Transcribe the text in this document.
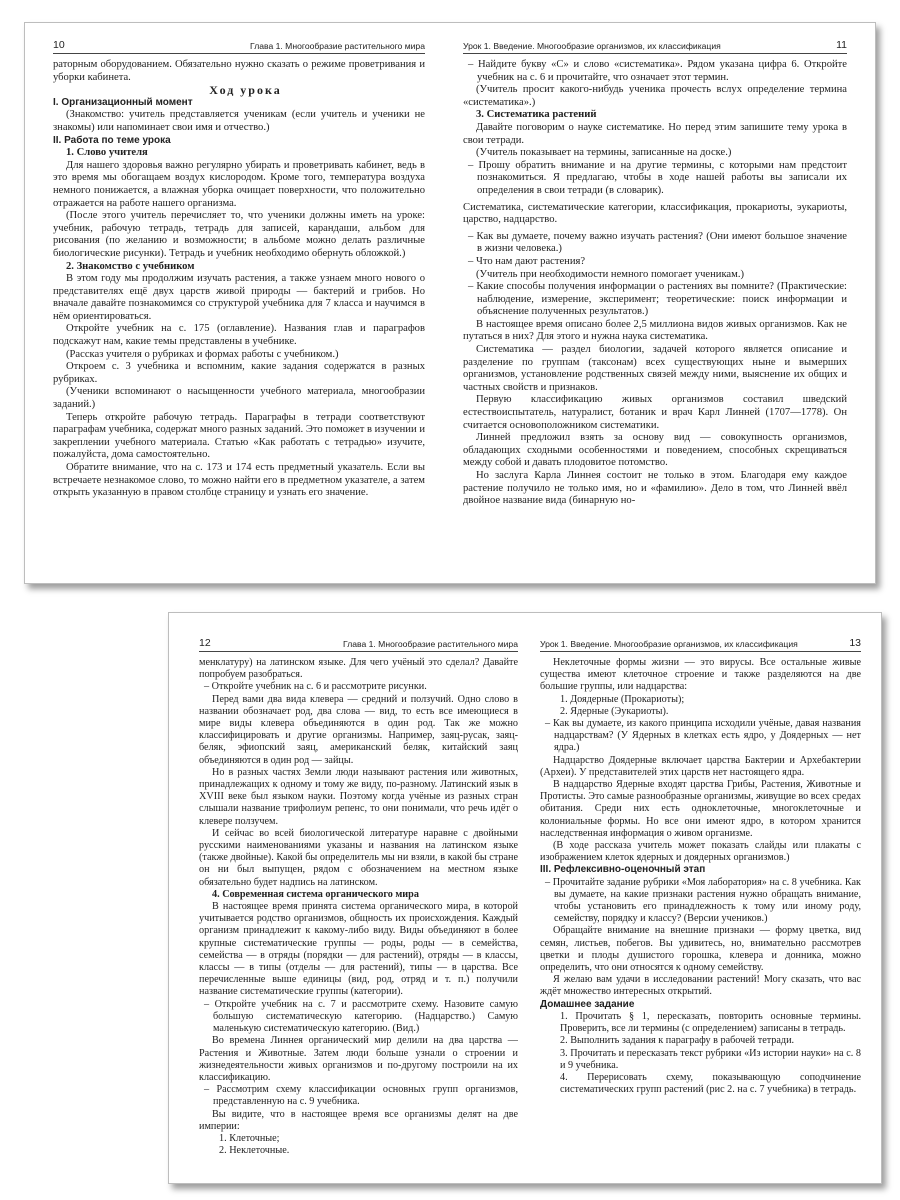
10	Глава 1. Многообразие растительного мира

раторным оборудованием. Обязательно нужно сказать о режиме проветривания и уборки кабинета.

Ход урока

I. Организационный момент

(Знакомство: учитель представляется ученикам (если учитель и ученики не знакомы) или напоминает свои имя и отчество.)

II. Работа по теме урока

1. Слово учителя

Для нашего здоровья важно регулярно убирать и проветривать кабинет, ведь в это время мы обогащаем воздух кислородом. Кроме того, температура воздуха немного понижается, а влажная уборка очищает поверхности, что положительно отражается на работе нашего организма.

(После этого учитель перечисляет то, что ученики должны иметь на уроке: учебник, рабочую тетрадь, тетрадь для записей, карандаши, альбом для рисования (по желанию и возможности; в альбоме можно делать различные биологические рисунки). Тетрадь и учебник необходимо обернуть обложкой.)

2. Знакомство с учебником

В этом году мы продолжим изучать растения, а также узнаем много нового о представителях ещё двух царств живой природы — бактерий и грибов. Но вначале давайте познакомимся со структурой учебника для 7 класса и научимся в нём ориентироваться.

Откройте учебник на с. 175 (оглавление). Названия глав и параграфов подскажут нам, какие темы представлены в учебнике.

(Рассказ учителя о рубриках и формах работы с учебником.)

Откроем с. 3 учебника и вспомним, какие задания содержатся в разных рубриках.

(Ученики вспоминают о насыщенности учебного материала, многообразии заданий.)

Теперь откройте рабочую тетрадь. Параграфы в тетради соответствуют параграфам учебника, содержат много разных заданий. Это поможет в изучении и закреплении учебного материала. Статью «Как работать с тетрадью» изучите, пожалуйста, дома самостоятельно.

Обратите внимание, что на с. 173 и 174 есть предметный указатель. Если вы встречаете незнакомое слово, то можно найти его в предметном указателе, а затем открыть указанную в правом столбце страницу и узнать его значение.

Урок 1. Введение. Многообразие организмов, их классификация	11

– Найдите букву «С» и слово «систематика». Рядом указана цифра 6. Откройте учебник на с. 6 и прочитайте, что означает этот термин.

(Учитель просит какого-нибудь ученика прочесть вслух определение термина «систематика».)

3. Систематика растений

Давайте поговорим о науке систематике. Но перед этим запишите тему урока в свои тетради.

(Учитель показывает на термины, записанные на доске.)

– Прошу обратить внимание и на другие термины, с которыми нам предстоит познакомиться. Я предлагаю, чтобы в ходе нашей работы вы записали их определения в свои тетради (в словарик).

Систематика, систематические категории, классификация, прокариоты, эукариоты, царство, надцарство.

– Как вы думаете, почему важно изучать растения? (Они имеют большое значение в жизни человека.)

– Что нам дают растения?

(Учитель при необходимости немного помогает ученикам.)

– Какие способы получения информации о растениях вы помните? (Практические: наблюдение, измерение, эксперимент; теоретические: поиск информации и объяснение полученных результатов.)

В настоящее время описано более 2,5 миллиона видов живых организмов. Как не путаться в них? Для этого и нужна наука систематика.

Систематика — раздел биологии, задачей которого является описание и разделение по группам (таксонам) всех существующих ныне и вымерших организмов, установление родственных связей между ними, выяснение их общих и частных свойств и признаков.

Первую классификацию живых организмов составил шведский естествоиспытатель, натуралист, ботаник и врач Карл Линней (1707—1778). Он считается основоположником систематики.

Линней предложил взять за основу вид — совокупность организмов, обладающих сходными особенностями и поведением, способных скрещиваться между собой и давать плодовитое потомство.

Но заслуга Карла Линнея состоит не только в этом. Благодаря ему каждое растение получило не только имя, но и «фамилию». Дело в том, что Линней ввёл двойное название вида (бинарную но-

12	Глава 1. Многообразие растительного мира

менклатуру) на латинском языке. Для чего учёный это сделал? Давайте попробуем разобраться.

– Откройте учебник на с. 6 и рассмотрите рисунки.

Перед вами два вида клевера — средний и ползучий. Одно слово в названии обозначает род, два слова — вид, то есть все имеющиеся в мире виды клевера объединяются в один род. Так же можно классифицировать и другие организмы. Например, заяц-русак, заяц-беляк, эфиопский заяц, американский беляк, китайский заяц объединяются в один род — зайцы.

Но в разных частях Земли люди называют растения или животных, принадлежащих к одному и тому же виду, по-разному. Латинский язык в XVIII веке был языком науки. Поэтому когда учёные из разных стран слышали название трифолиум репенс, то они понимали, что речь идёт о клевере ползучем.

И сейчас во всей биологической литературе наравне с двойными русскими наименованиями указаны и названия на латинском языке (также двойные). Какой бы определитель мы ни взяли, в какой бы стране он ни был выпущен, рядом с обозначением на местном языке обязательно будет надпись на латинском.

4. Современная система органического мира

В настоящее время принята система органического мира, в которой учитывается родство организмов, общность их происхождения. Каждый организм принадлежит к какому-либо виду. Виды объединяют в более крупные систематические группы — роды, роды — в семейства, семейства — в отряды (порядки — для растений), отряды — в классы, классы — в типы (отделы — для растений), типы — в царства. Все перечисленные выше единицы (вид, род, отряд и т. п.) получили название систематические группы (категории).

– Откройте учебник на с. 7 и рассмотрите схему. Назовите самую большую систематическую категорию. (Надцарство.) Самую маленькую систематическую категорию. (Вид.)

Во времена Линнея органический мир делили на два царства — Растения и Животные. Затем люди больше узнали о строении и жизнедеятельности живых организмов и по-другому построили на их классификацию.

– Рассмотрим схему классификации основных групп организмов, представленную на с. 9 учебника.

Вы видите, что в настоящее время все организмы делят на две империи:

1. Клеточные;

2. Неклеточные.

Урок 1. Введение. Многообразие организмов, их классификация	13

Неклеточные формы жизни — это вирусы. Все остальные живые существа имеют клеточное строение и также разделяются на две большие группы, или надцарства:

1. Доядерные (Прокариоты);

2. Ядерные (Эукариоты).

– Как вы думаете, из какого принципа исходили учёные, давая названия надцарствам? (У Ядерных в клетках есть ядро, у Доядерных — нет ядра.)

Надцарство Доядерные включает царства Бактерии и Архебактерии (Археи). У представителей этих царств нет настоящего ядра.

В надцарство Ядерные входят царства Грибы, Растения, Животные и Протисты. Это самые разнообразные организмы, живущие во всех средах обитания. Среди них есть одноклеточные, многоклеточные и колониальные формы. Но все они имеют ядро, в котором хранится наследственная информация о живом организме.

(В ходе рассказа учитель может показать слайды или плакаты с изображением клеток ядерных и доядерных организмов.)

III. Рефлексивно-оценочный этап

– Прочитайте задание рубрики «Моя лаборатория» на с. 8 учебника. Как вы думаете, на какие признаки растения нужно обращать внимание, чтобы установить его принадлежность к тому или иному роду, семейству, порядку и классу? (Версии учеников.)

Обращайте внимание на внешние признаки — форму цветка, вид семян, листьев, побегов. Вы удивитесь, но, внимательно рассмотрев цветки и плоды душистого горошка, клевера и донника, можно определить, что они относятся к одному семейству.

Я желаю вам удачи в исследовании растений! Могу сказать, что вас ждёт множество интересных открытий.

Домашнее задание

1. Прочитать § 1, пересказать, повторить основные термины. Проверить, все ли термины (с определением) записаны в тетрадь.

2. Выполнить задания к параграфу в рабочей тетради.

3. Прочитать и пересказать текст рубрики «Из истории науки» на с. 8 и 9 учебника.

4. Перерисовать схему, показывающую соподчинение систематических групп растений (рис 2. на с. 7 учебника) в тетрадь.
